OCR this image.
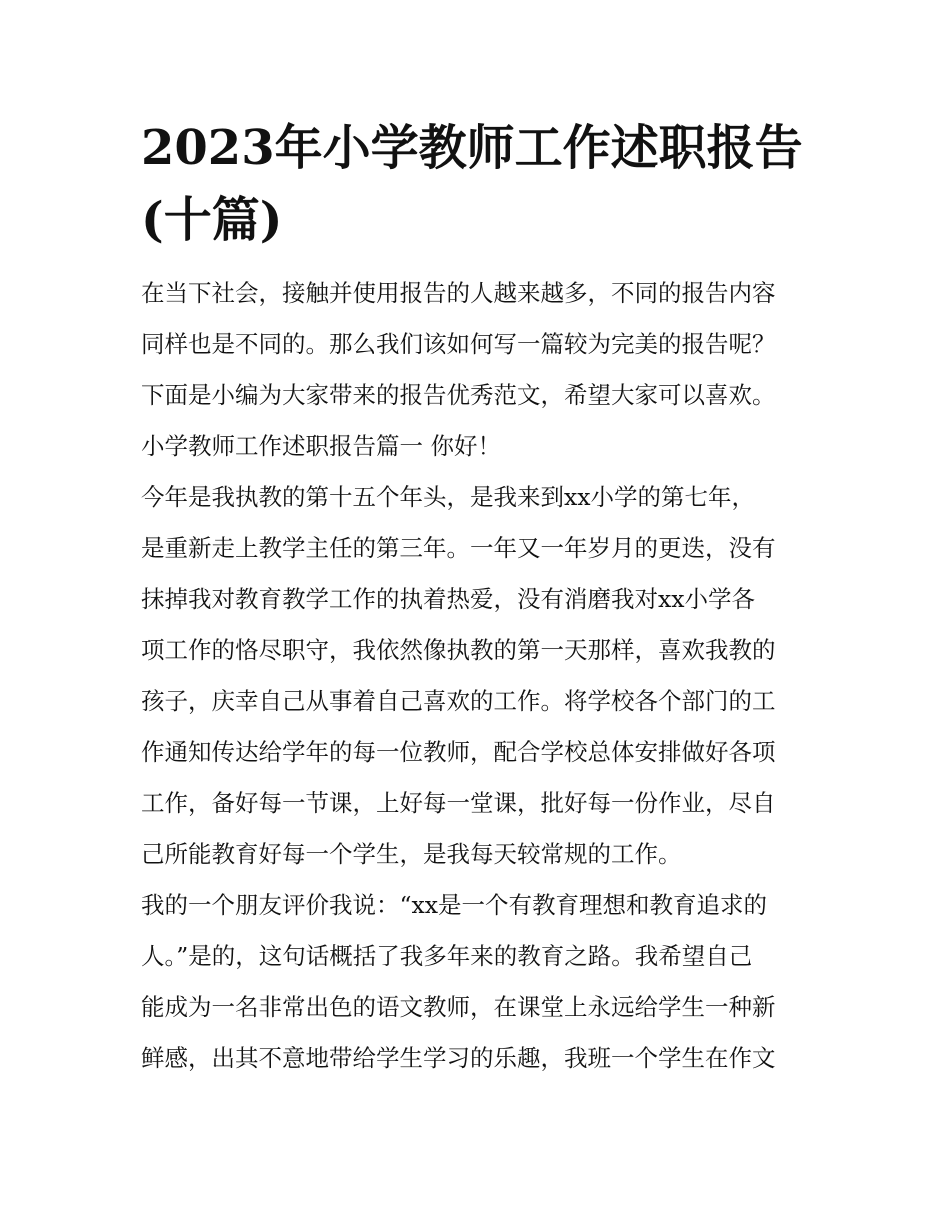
2023年小学教师工作述职报告
(十篇)
在当下社会，接触并使用报告的人越来越多，不同的报告内容
同样也是不同的。那么我们该如何写一篇较为完美的报告呢？
下面是小编为大家带来的报告优秀范文，希望大家可以喜欢。
小学教师工作述职报告篇一 你好！
今年是我执教的第十五个年头，是我来到xx小学的第七年，
是重新走上教学主任的第三年。一年又一年岁月的更迭，没有
抹掉我对教育教学工作的执着热爱，没有消磨我对xx小学各
项工作的恪尽职守，我依然像执教的第一天那样，喜欢我教的
孩子，庆幸自己从事着自己喜欢的工作。将学校各个部门的工
作通知传达给学年的每一位教师，配合学校总体安排做好各项
工作，备好每一节课，上好每一堂课，批好每一份作业，尽自
己所能教育好每一个学生，是我每天较常规的工作。
我的一个朋友评价我说：“xx是一个有教育理想和教育追求的
人。”是的，这句话概括了我多年来的教育之路。我希望自己
能成为一名非常出色的语文教师，在课堂上永远给学生一种新
鲜感，出其不意地带给学生学习的乐趣，我班一个学生在作文
